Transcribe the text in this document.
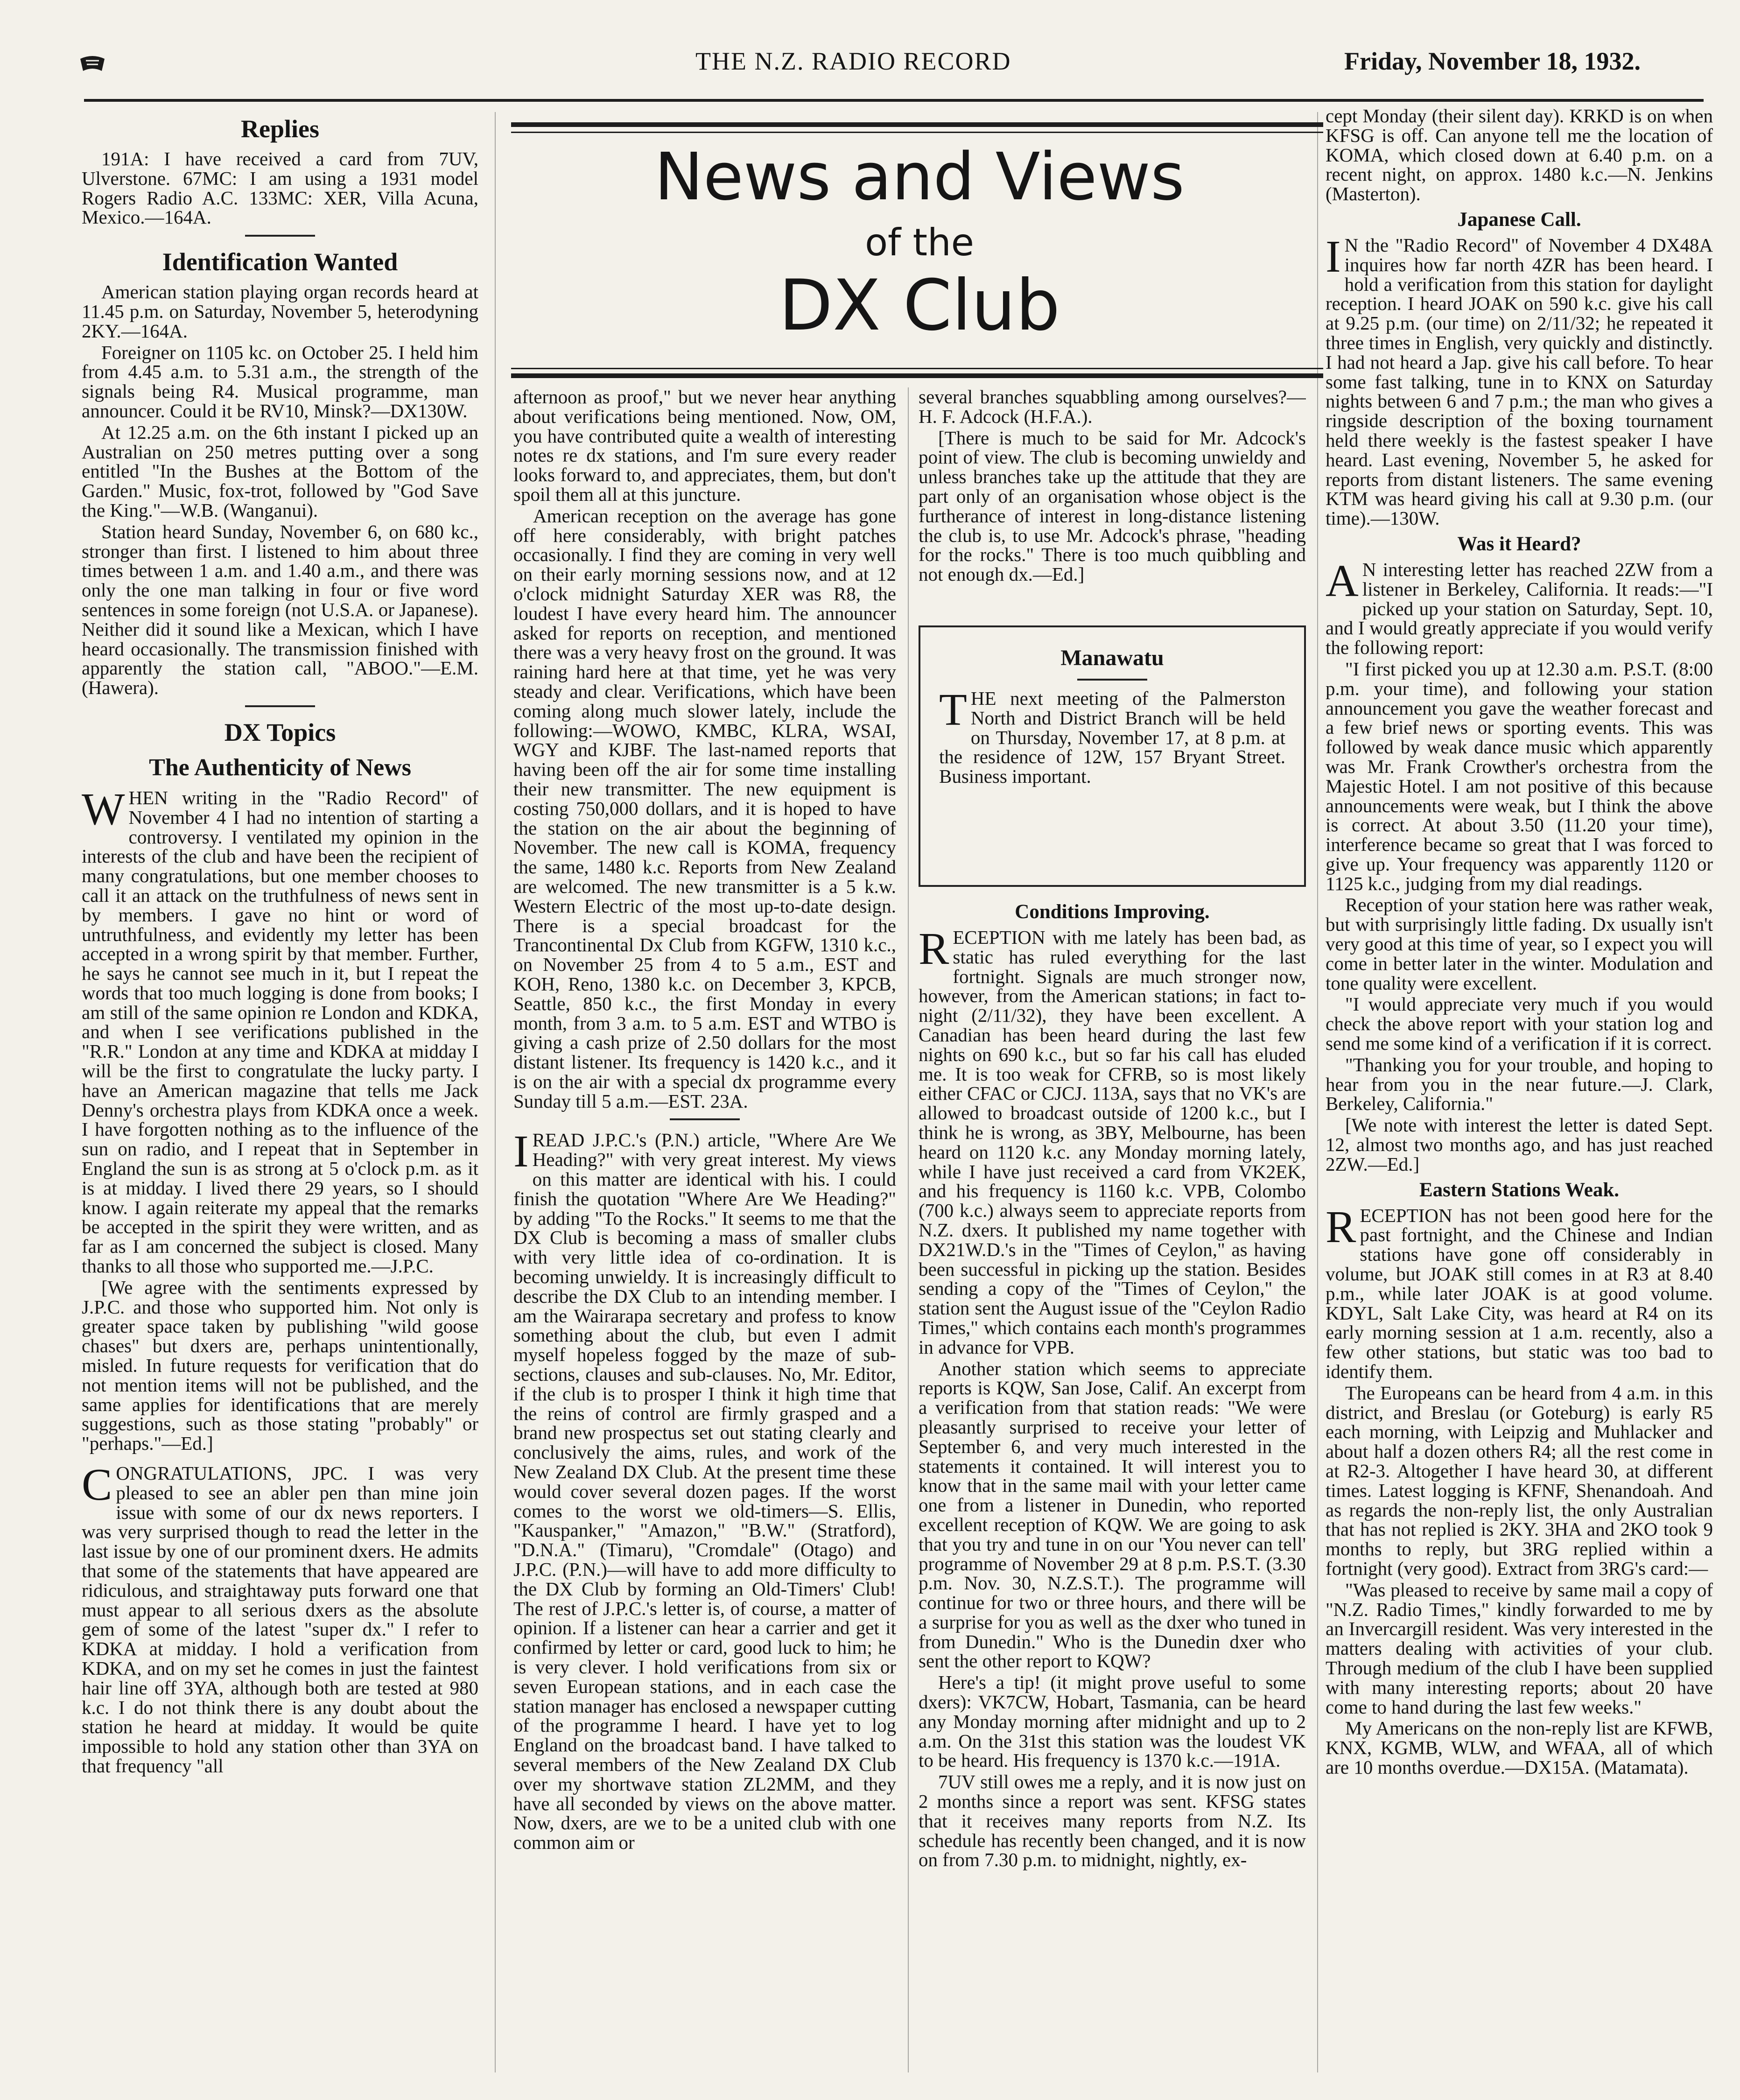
THE N.Z. RADIO RECORD	Friday, November 18, 1932.
News and Views
of the
DX Club
Replies

191A: I have received a card from 7UV, Ulverstone. 67MC: I am using a 1931 model Rogers Radio A.C. 133MC: XER, Villa Acuna, Mexico.—164A.

Identification Wanted

American station playing organ records heard at 11.45 p.m. on Saturday, November 5, heterodyning 2KY.—164A.

Foreigner on 1105 kc. on October 25. I held him from 4.45 a.m. to 5.31 a.m., the strength of the signals being R4. Musical programme, man announcer. Could it be RV10, Minsk?—DX130W.

At 12.25 a.m. on the 6th instant I picked up an Australian on 250 metres putting over a song entitled "In the Bushes at the Bottom of the Garden." Music, fox-trot, followed by "God Save the King."—W.B. (Wanganui).

Station heard Sunday, November 6, on 680 kc., stronger than first. I listened to him about three times between 1 a.m. and 1.40 a.m., and there was only the one man talking in four or five word sentences in some foreign (not U.S.A. or Japanese). Neither did it sound like a Mexican, which I have heard occasionally. The transmission finished with apparently the station call, "ABOO."—E.M. (Hawera).

DX Topics
The Authenticity of News

WHEN writing in the "Radio Record" of November 4 I had no intention of starting a controversy. I ventilated my opinion in the interests of the club and have been the recipient of many congratulations, but one member chooses to call it an attack on the truthfulness of news sent in by members. I gave no hint or word of untruthfulness, and evidently my letter has been accepted in a wrong spirit by that member. Further, he says he cannot see much in it, but I repeat the words that too much logging is done from books; I am still of the same opinion re London and KDKA, and when I see verifications published in the "R.R." London at any time and KDKA at midday I will be the first to congratulate the lucky party. I have an American magazine that tells me Jack Denny's orchestra plays from KDKA once a week. I have forgotten nothing as to the influence of the sun on radio, and I repeat that in September in England the sun is as strong at 5 o'clock p.m. as it is at midday. I lived there 29 years, so I should know. I again reiterate my appeal that the remarks be accepted in the spirit they were written, and as far as I am concerned the subject is closed. Many thanks to all those who supported me.—J.P.C.

[We agree with the sentiments expressed by J.P.C. and those who supported him. Not only is greater space taken by publishing "wild goose chases" but dxers are, perhaps unintentionally, misled. In future requests for verification that do not mention items will not be published, and the same applies for identifications that are merely suggestions, such as those stating "probably" or "perhaps."—Ed.]

CONGRATULATIONS, JPC. I was very pleased to see an abler pen than mine join issue with some of our dx news reporters. I was very surprised though to read the letter in the last issue by one of our prominent dxers. He admits that some of the statements that have appeared are ridiculous, and straightaway puts forward one that must appear to all serious dxers as the absolute gem of some of the latest "super dx." I refer to KDKA at midday. I hold a verification from KDKA, and on my set he comes in just the faintest hair line off 3YA, although both are tested at 980 k.c. I do not think there is any doubt about the station he heard at midday. It would be quite impossible to hold any station other than 3YA on that frequency "all

afternoon as proof," but we never hear anything about verifications being mentioned. Now, OM, you have contributed quite a wealth of interesting notes re dx stations, and I'm sure every reader looks forward to, and appreciates, them, but don't spoil them all at this juncture.

American reception on the average has gone off here considerably, with bright patches occasionally. I find they are coming in very well on their early morning sessions now, and at 12 o'clock midnight Saturday XER was R8, the loudest I have every heard him. The announcer asked for reports on reception, and mentioned there was a very heavy frost on the ground. It was raining hard here at that time, yet he was very steady and clear. Verifications, which have been coming along much slower lately, include the following:—WOWO, KMBC, KLRA, WSAI, WGY and KJBF. The last-named reports that having been off the air for some time installing their new transmitter. The new equipment is costing 750,000 dollars, and it is hoped to have the station on the air about the beginning of November. The new call is KOMA, frequency the same, 1480 k.c. Reports from New Zealand are welcomed. The new transmitter is a 5 k.w. Western Electric of the most up-to-date design. There is a special broadcast for the Trancontinental Dx Club from KGFW, 1310 k.c., on November 25 from 4 to 5 a.m., EST and KOH, Reno, 1380 k.c. on December 3, KPCB, Seattle, 850 k.c., the first Monday in every month, from 3 a.m. to 5 a.m. EST and WTBO is giving a cash prize of 2.50 dollars for the most distant listener. Its frequency is 1420 k.c., and it is on the air with a special dx programme every Sunday till 5 a.m.—EST. 23A.

I READ J.P.C.'s (P.N.) article, "Where Are We Heading?" with very great interest. My views on this matter are identical with his. I could finish the quotation "Where Are We Heading?" by adding "To the Rocks." It seems to me that the DX Club is becoming a mass of smaller clubs with very little idea of co-ordination. It is becoming unwieldy. It is increasingly difficult to describe the DX Club to an intending member. I am the Wairarapa secretary and profess to know something about the club, but even I admit myself hopeless fogged by the maze of sub-sections, clauses and sub-clauses. No, Mr. Editor, if the club is to prosper I think it high time that the reins of control are firmly grasped and a brand new prospectus set out stating clearly and conclusively the aims, rules, and work of the New Zealand DX Club. At the present time these would cover several dozen pages. If the worst comes to the worst we old-timers—S. Ellis, "Kauspanker," "Amazon," "B.W." (Stratford), "D.N.A." (Timaru), "Cromdale" (Otago) and J.P.C. (P.N.)—will have to add more difficulty to the DX Club by forming an Old-Timers' Club! The rest of J.P.C.'s letter is, of course, a matter of opinion. If a listener can hear a carrier and get it confirmed by letter or card, good luck to him; he is very clever. I hold verifications from six or seven European stations, and in each case the station manager has enclosed a newspaper cutting of the programme I heard. I have yet to log England on the broadcast band. I have talked to several members of the New Zealand DX Club over my shortwave station ZL2MM, and they have all seconded by views on the above matter. Now, dxers, are we to be a united club with one common aim or

several branches squabbling among ourselves?—H. F. Adcock (H.F.A.).

[There is much to be said for Mr. Adcock's point of view. The club is becoming unwieldy and unless branches take up the attitude that they are part only of an organisation whose object is the furtherance of interest in long-distance listening the club is, to use Mr. Adcock's phrase, "heading for the rocks." There is too much quibbling and not enough dx.—Ed.]

Manawatu
THE next meeting of the Palmerston North and District Branch will be held on Thursday, November 17, at 8 p.m. at the residence of 12W, 157 Bryant Street. Business important.
Conditions Improving.

RECEPTION with me lately has been bad, as static has ruled everything for the last fortnight. Signals are much stronger now, however, from the American stations; in fact to-night (2/11/32), they have been excellent. A Canadian has been heard during the last few nights on 690 k.c., but so far his call has eluded me. It is too weak for CFRB, so is most likely either CFAC or CJCJ. 113A, says that no VK's are allowed to broadcast outside of 1200 k.c., but I think he is wrong, as 3BY, Melbourne, has been heard on 1120 k.c. any Monday morning lately, while I have just received a card from VK2EK, and his frequency is 1160 k.c. VPB, Colombo (700 k.c.) always seem to appreciate reports from N.Z. dxers. It published my name together with DX21W.D.'s in the "Times of Ceylon," as having been successful in picking up the station. Besides sending a copy of the "Times of Ceylon," the station sent the August issue of the "Ceylon Radio Times," which contains each month's programmes in advance for VPB.

Another station which seems to appreciate reports is KQW, San Jose, Calif. An excerpt from a verification from that station reads: "We were pleasantly surprised to receive your letter of September 6, and very much interested in the statements it contained. It will interest you to know that in the same mail with your letter came one from a listener in Dunedin, who reported excellent reception of KQW. We are going to ask that you try and tune in on our 'You never can tell' programme of November 29 at 8 p.m. P.S.T. (3.30 p.m. Nov. 30, N.Z.S.T.). The programme will continue for two or three hours, and there will be a surprise for you as well as the dxer who tuned in from Dunedin." Who is the Dunedin dxer who sent the other report to KQW?

Here's a tip! (it might prove useful to some dxers): VK7CW, Hobart, Tasmania, can be heard any Monday morning after midnight and up to 2 a.m. On the 31st this station was the loudest VK to be heard. His frequency is 1370 k.c.—191A.

7UV still owes me a reply, and it is now just on 2 months since a report was sent. KFSG states that it receives many reports from N.Z. Its schedule has recently been changed, and it is now on from 7.30 p.m. to midnight, nightly, ex-

cept Monday (their silent day). KRKD is on when KFSG is off. Can anyone tell me the location of KOMA, which closed down at 6.40 p.m. on a recent night, on approx. 1480 k.c.—N. Jenkins (Masterton).

Japanese Call.

I N the "Radio Record" of November 4 DX48A inquires how far north 4ZR has been heard. I hold a verification from this station for daylight reception. I heard JOAK on 590 k.c. give his call at 9.25 p.m. (our time) on 2/11/32; he repeated it three times in English, very quickly and distinctly. I had not heard a Jap. give his call before. To hear some fast talking, tune in to KNX on Saturday nights between 6 and 7 p.m.; the man who gives a ringside description of the boxing tournament held there weekly is the fastest speaker I have heard. Last evening, November 5, he asked for reports from distant listeners. The same evening KTM was heard giving his call at 9.30 p.m. (our time).—130W.

Was it Heard?

A N interesting letter has reached 2ZW from a listener in Berkeley, California. It reads:—"I picked up your station on Saturday, Sept. 10, and I would greatly appreciate if you would verify the following report:

"I first picked you up at 12.30 a.m. P.S.T. (8:00 p.m. your time), and following your station announcement you gave the weather forecast and a few brief news or sporting events. This was followed by weak dance music which apparently was Mr. Frank Crowther's orchestra from the Majestic Hotel. I am not positive of this because announcements were weak, but I think the above is correct. At about 3.50 (11.20 your time), interference became so great that I was forced to give up. Your frequency was apparently 1120 or 1125 k.c., judging from my dial readings.

Reception of your station here was rather weak, but with surprisingly little fading. Dx usually isn't very good at this time of year, so I expect you will come in better later in the winter. Modulation and tone quality were excellent.

"I would appreciate very much if you would check the above report with your station log and send me some kind of a verification if it is correct.

"Thanking you for your trouble, and hoping to hear from you in the near future.—J. Clark, Berkeley, California."

[We note with interest the letter is dated Sept. 12, almost two months ago, and has just reached 2ZW.—Ed.]

Eastern Stations Weak.

RECEPTION has not been good here for the past fortnight, and the Chinese and Indian stations have gone off considerably in volume, but JOAK still comes in at R3 at 8.40 p.m., while later JOAK is at good volume. KDYL, Salt Lake City, was heard at R4 on its early morning session at 1 a.m. recently, also a few other stations, but static was too bad to identify them.

The Europeans can be heard from 4 a.m. in this district, and Breslau (or Goteburg) is early R5 each morning, with Leipzig and Muhlacker and about half a dozen others R4; all the rest come in at R2-3. Altogether I have heard 30, at different times. Latest logging is KFNF, Shenandoah. And as regards the non-reply list, the only Australian that has not replied is 2KY. 3HA and 2KO took 9 months to reply, but 3RG replied within a fortnight (very good). Extract from 3RG's card:—

"Was pleased to receive by same mail a copy of "N.Z. Radio Times," kindly forwarded to me by an Invercargill resident. Was very interested in the matters dealing with activities of your club. Through medium of the club I have been supplied with many interesting reports; about 20 have come to hand during the last few weeks."

My Americans on the non-reply list are KFWB, KNX, KGMB, WLW, and WFAA, all of which are 10 months overdue.—DX15A. (Matamata).
